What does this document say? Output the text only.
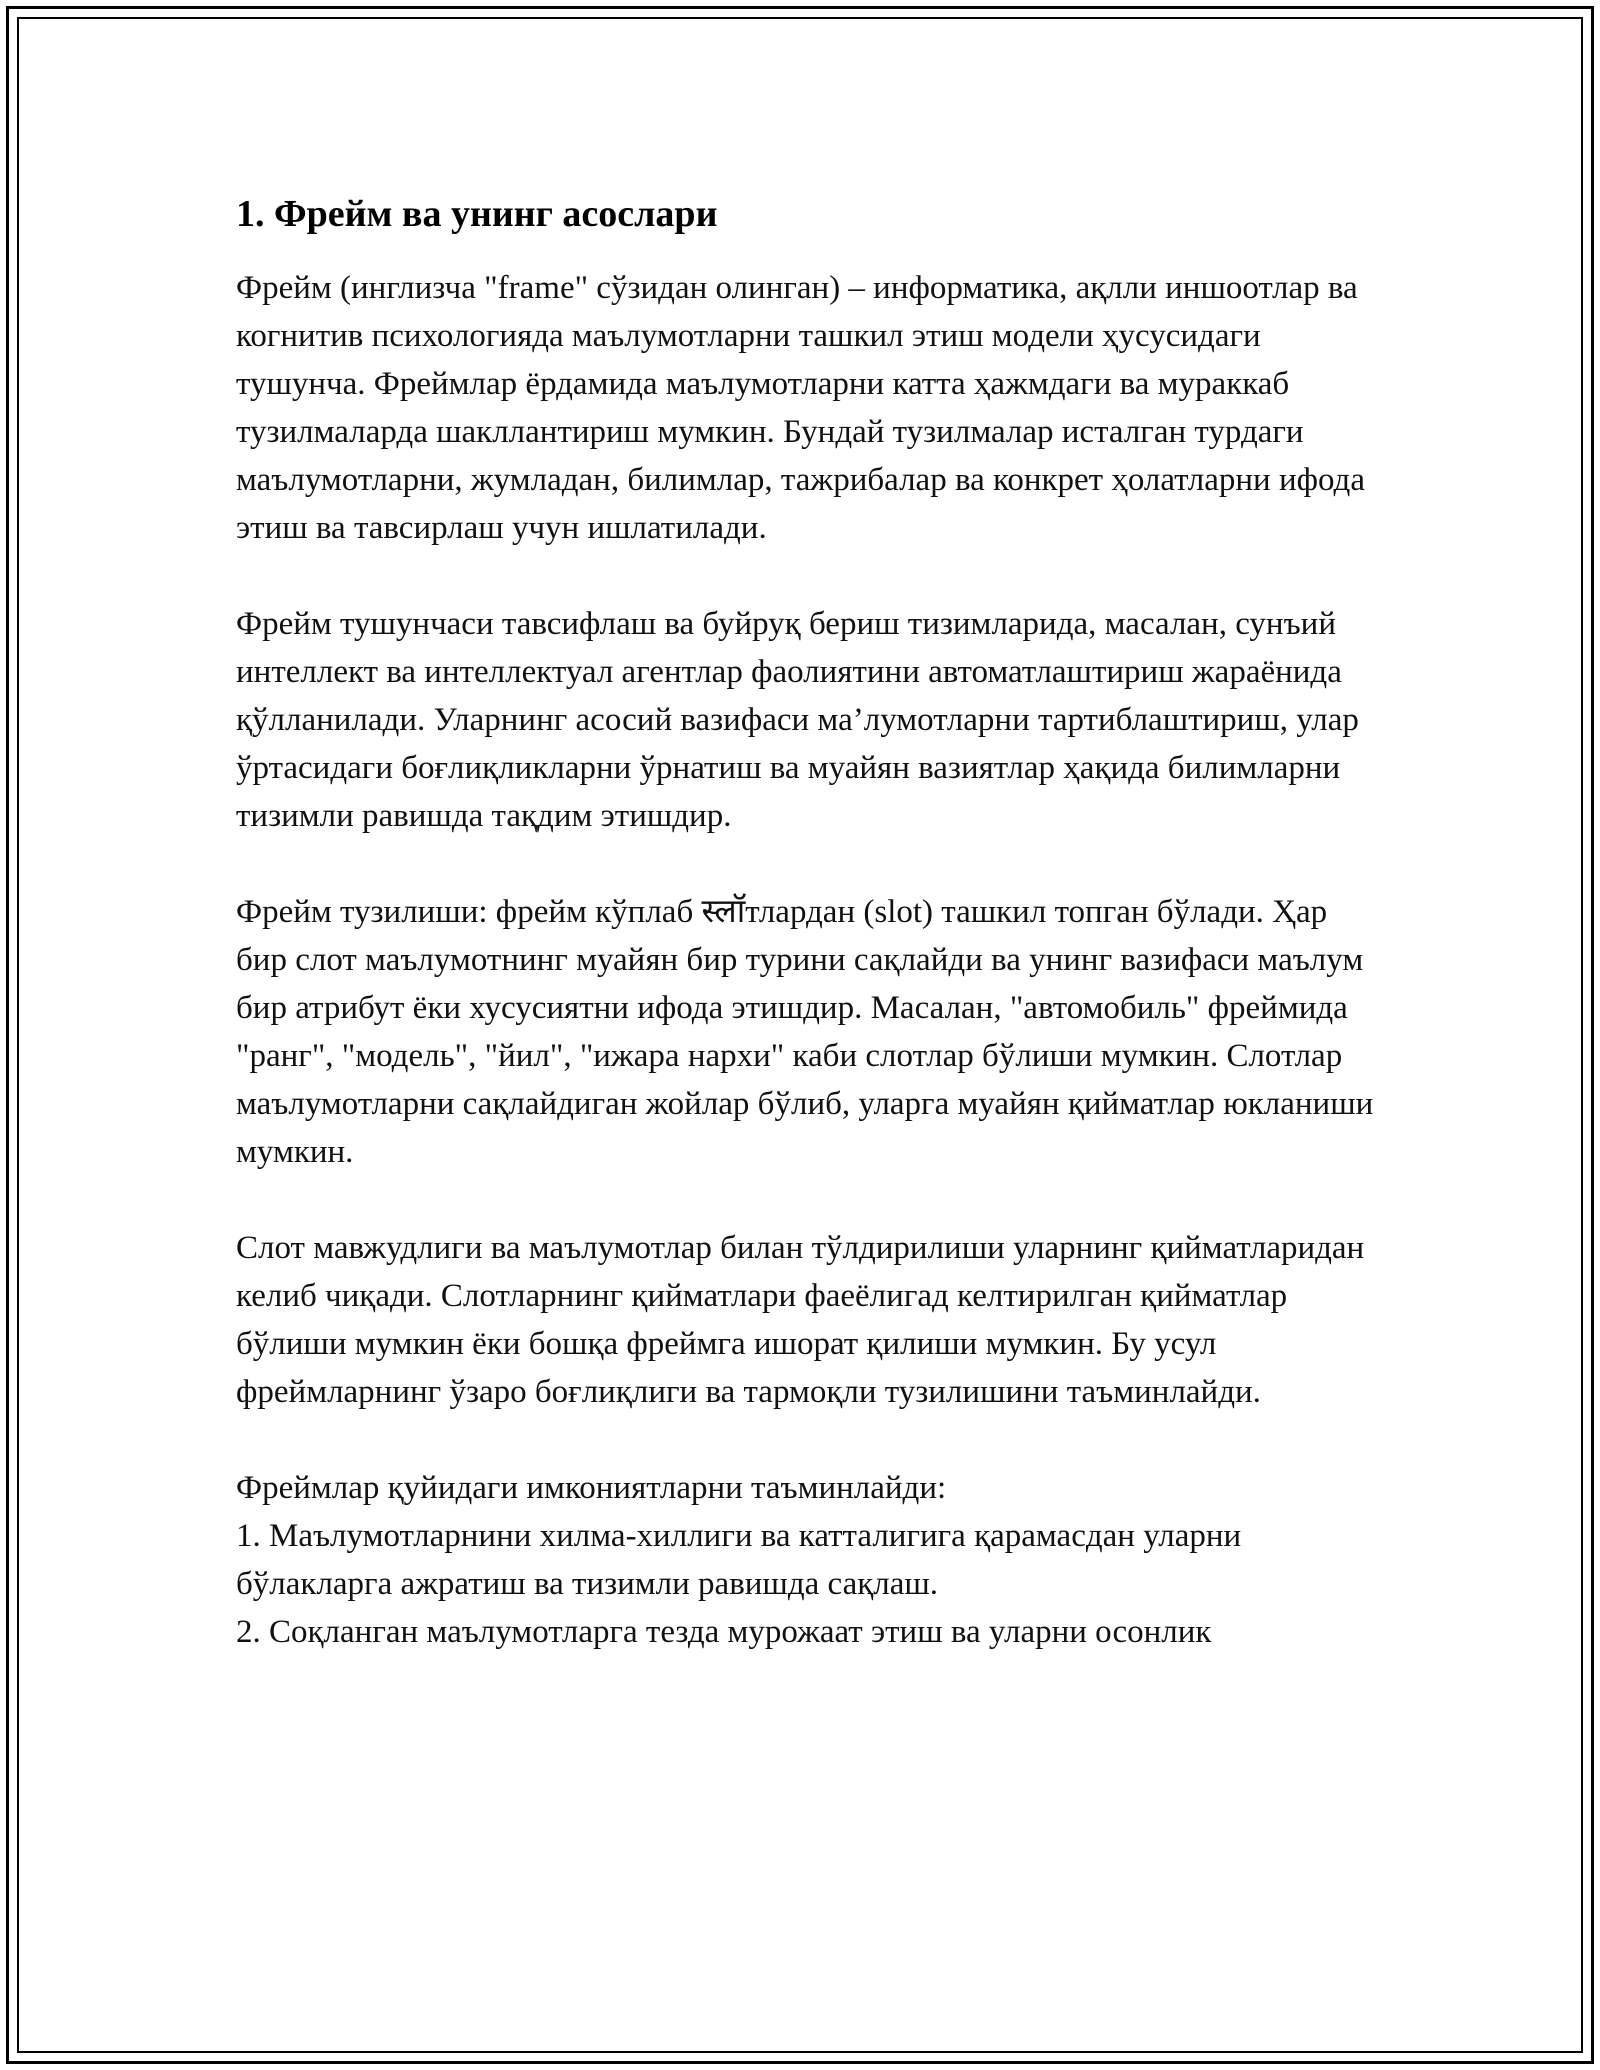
1. Фрейм ва унинг асослари

Фрейм (инглизча "frame" сўзидан олинган) – информатика, ақлли иншоотлар ва когнитив психологияда маълумотларни ташкил этиш модели ҳусусидаги тушунча. Фреймлар ёрдамида маълумотларни катта ҳажмдаги ва мураккаб тузилмаларда шакллантириш мумкин. Бундай тузилмалар исталган турдаги маълумотларни, жумладан, билимлар, тажрибалар ва конкрет ҳолатларни ифода этиш ва тавсирлаш учун ишлатилади.

Фрейм тушунчаси тавсифлаш ва буйруқ бериш тизимларида, масалан, сунъий интеллект ва интеллектуал агентлар фаолиятини автоматлаштириш жараёнида қўлланилади. Уларнинг асосий вазифаси ма’лумотларни тартиблаштириш, улар ўртасидаги боғлиқликларни ўрнатиш ва муайян вазиятлар ҳақида билимларни тизимли равишда тақдим этишдир.

Фрейм тузилиши: фрейм кўплаб स्लॉтлардан (slot) ташкил топган бўлади. Ҳар бир слот маълумотнинг муайян бир турини сақлайди ва унинг вазифаси маълум бир атрибут ёки хусусиятни ифода этишдир. Масалан, "автомобиль" фреймида "ранг", "модель", "йил", "ижара нархи" каби слотлар бўлиши мумкин. Слотлар маълумотларни сақлайдиган жойлар бўлиб, уларга муайян қийматлар юкланиши мумкин.

Слот мавжудлиги ва маълумотлар билан тўлдирилиши уларнинг қийматларидан келиб чиқади. Слотларнинг қийматлари фаеёлигад келтирилган қийматлар бўлиши мумкин ёки бошқа фреймга ишорат қилиши мумкин. Бу усул фреймларнинг ўзаро боғлиқлиги ва тармоқли тузилишини таъминлайди.

Фреймлар қуйидаги имкониятларни таъминлайди:

1. Маълумотларнини хилма-хиллиги ва катталигига қарамасдан уларни бўлакларга ажратиш ва тизимли равишда сақлаш.
2. Соқланган маълумотларга тезда мурожаат этиш ва уларни осонлик
